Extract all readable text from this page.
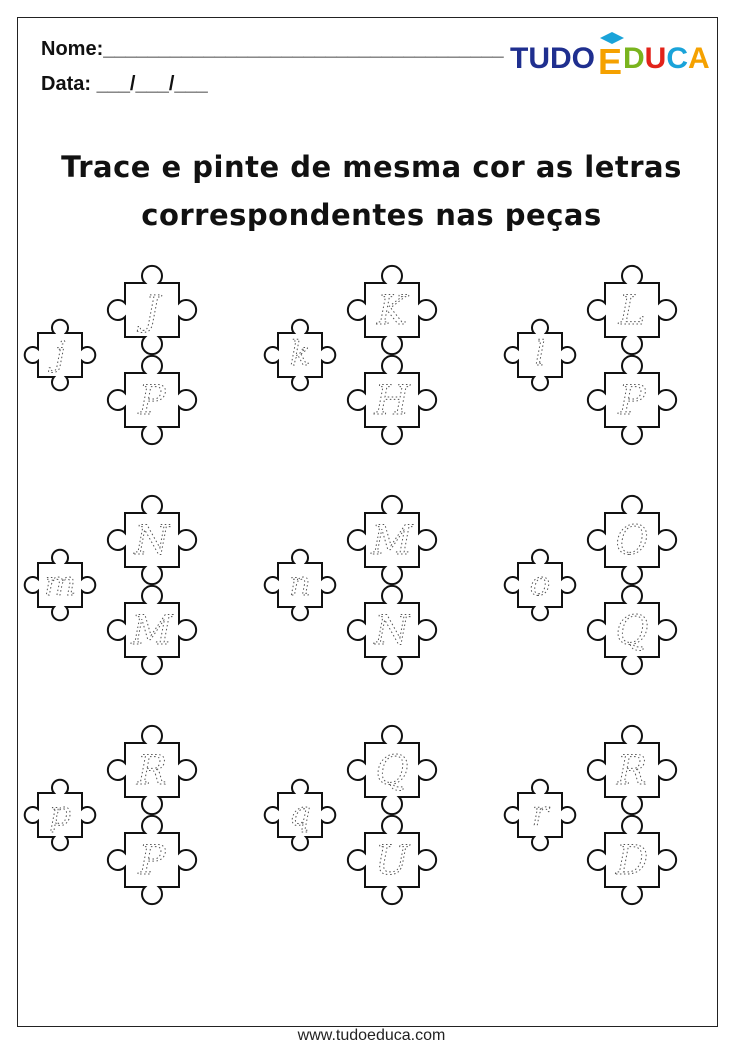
Nome:____________________________________
Data: ___/___/___
TUDO E DUCA
DUCA
Trace e pinte de mesma cor as letras
correspondentes nas peças
j
J
P
k
K
H
l
L
P
m
N
M
n
M
N
o
O
Q
p
R
P
q
Q
U
r
R
D
www.tudoeduca.com
